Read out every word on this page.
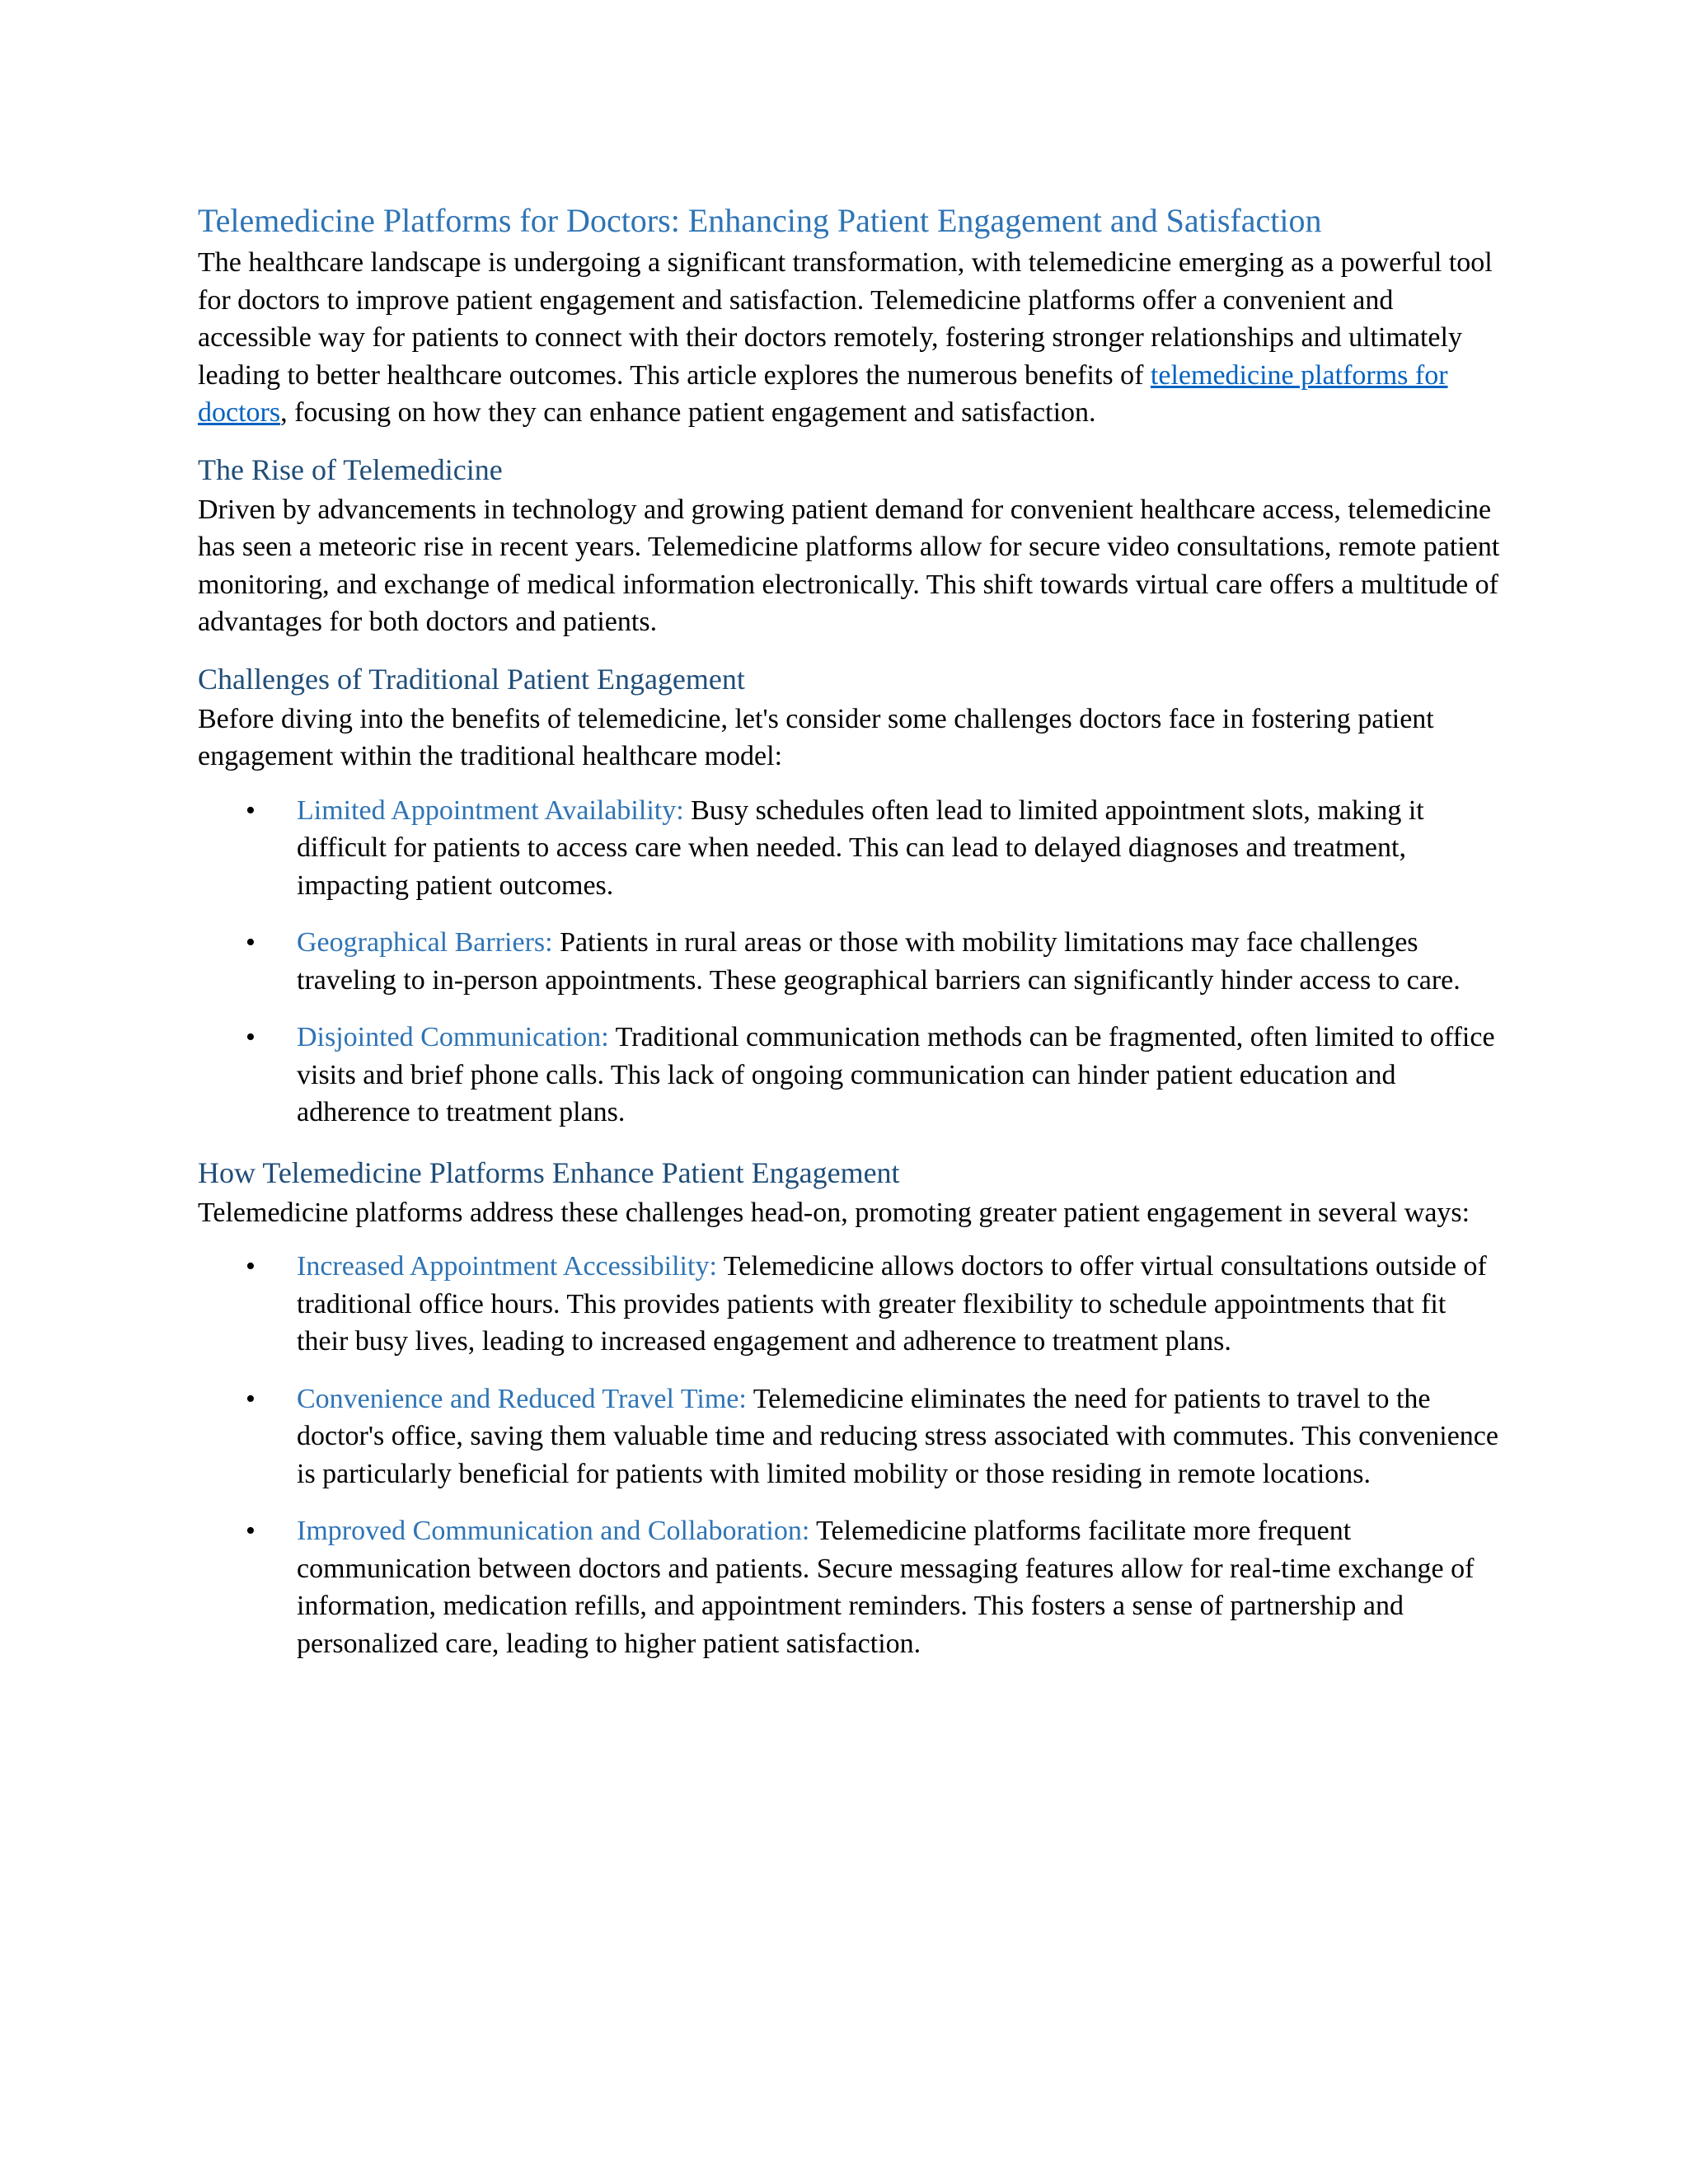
Telemedicine Platforms for Doctors: Enhancing Patient Engagement and Satisfaction

The healthcare landscape is undergoing a significant transformation, with telemedicine emerging as a powerful tool for doctors to improve patient engagement and satisfaction. Telemedicine platforms offer a convenient and accessible way for patients to connect with their doctors remotely, fostering stronger relationships and ultimately leading to better healthcare outcomes. This article explores the numerous benefits of telemedicine platforms for doctors, focusing on how they can enhance patient engagement and satisfaction.

The Rise of Telemedicine

Driven by advancements in technology and growing patient demand for convenient healthcare access, telemedicine has seen a meteoric rise in recent years. Telemedicine platforms allow for secure video consultations, remote patient monitoring, and exchange of medical information electronically. This shift towards virtual care offers a multitude of advantages for both doctors and patients.

Challenges of Traditional Patient Engagement

Before diving into the benefits of telemedicine, let's consider some challenges doctors face in fostering patient engagement within the traditional healthcare model:

• Limited Appointment Availability: Busy schedules often lead to limited appointment slots, making it difficult for patients to access care when needed. This can lead to delayed diagnoses and treatment, impacting patient outcomes.
• Geographical Barriers: Patients in rural areas or those with mobility limitations may face challenges traveling to in-person appointments. These geographical barriers can significantly hinder access to care.
• Disjointed Communication: Traditional communication methods can be fragmented, often limited to office visits and brief phone calls. This lack of ongoing communication can hinder patient education and adherence to treatment plans.
How Telemedicine Platforms Enhance Patient Engagement

Telemedicine platforms address these challenges head-on, promoting greater patient engagement in several ways:

• Increased Appointment Accessibility: Telemedicine allows doctors to offer virtual consultations outside of traditional office hours. This provides patients with greater flexibility to schedule appointments that fit their busy lives, leading to increased engagement and adherence to treatment plans.
• Convenience and Reduced Travel Time: Telemedicine eliminates the need for patients to travel to the doctor's office, saving them valuable time and reducing stress associated with commutes. This convenience is particularly beneficial for patients with limited mobility or those residing in remote locations.
• Improved Communication and Collaboration: Telemedicine platforms facilitate more frequent communication between doctors and patients. Secure messaging features allow for real-time exchange of information, medication refills, and appointment reminders. This fosters a sense of partnership and personalized care, leading to higher patient satisfaction.
